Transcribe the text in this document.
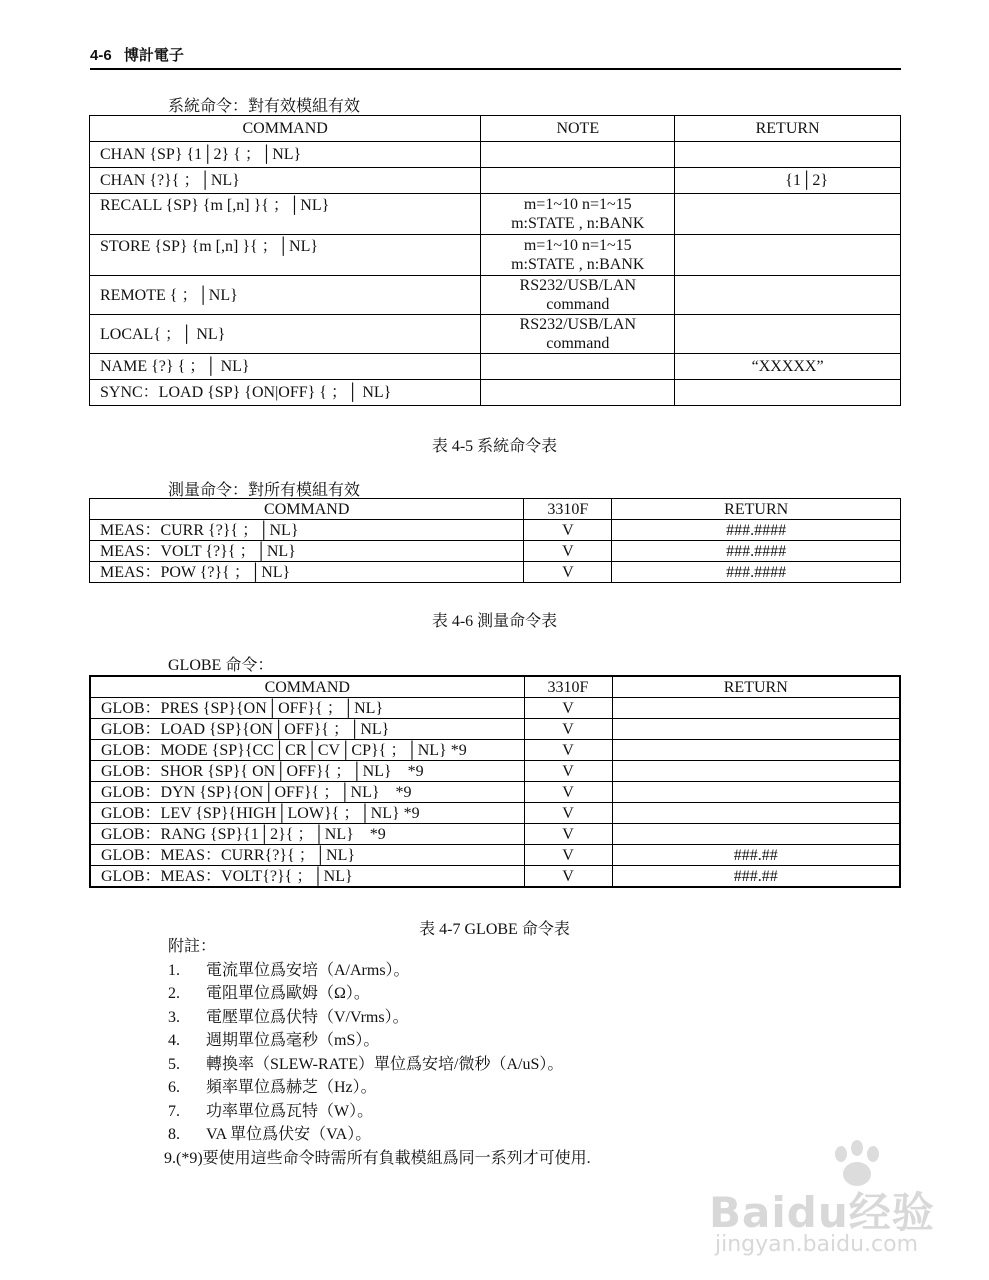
4-6 博計電子
系統命令：對有效模組有效
COMMAND	NOTE	RETURN
CHAN {SP} {1│2} { ；│NL}		
CHAN {?}{ ；│NL}		{1│2}
RECALL {SP} {m [,n] }{ ；│NL}	m=1~10 n=1~15
m:STATE , n:BANK	
STORE {SP} {m [,n] }{ ；│NL}	m=1~10 n=1~15
m:STATE , n:BANK	
REMOTE { ；│NL}	RS232/USB/LAN
command	
LOCAL{ ；│ NL}	RS232/USB/LAN
command	
NAME {?} { ；│ NL}		“XXXXX”
SYNC：LOAD {SP} {ON|OFF} { ；│ NL}		
表 4-5 系統命令表
測量命令：對所有模組有效
COMMAND	3310F	RETURN
MEAS：CURR {?}{ ；│NL}	V	###.####
MEAS：VOLT {?}{ ；│NL}	V	###.####
MEAS：POW {?}{ ；│NL}	V	###.####
表 4-6 測量命令表
GLOBE 命令：
COMMAND	3310F	RETURN
GLOB：PRES {SP}{ON│OFF}{ ；│NL}	V	
GLOB：LOAD {SP}{ON│OFF}{ ；│NL}	V	
GLOB：MODE {SP}{CC│CR│CV│CP}{ ；│NL} *9	V	
GLOB：SHOR {SP}{ ON│OFF}{ ；│NL}    *9	V	
GLOB：DYN {SP}{ON│OFF}{ ；│NL}    *9	V	
GLOB：LEV {SP}{HIGH│LOW}{ ；│NL} *9	V	
GLOB：RANG {SP}{1│2}{ ；│NL}    *9	V	
GLOB：MEAS：CURR{?}{ ；│NL}	V	###.##
GLOB：MEAS：VOLT{?}{ ；│NL}	V	###.##
表 4-7 GLOBE 命令表
附註：
1. 電流單位爲安培（A/Arms）。
2. 電阻單位爲歐姆（Ω）。
3. 電壓單位爲伏特（V/Vrms）。
4. 週期單位爲毫秒（mS）。
5. 轉換率（SLEW-RATE）單位爲安培/微秒（A/uS）。
6. 頻率單位爲赫芝（Hz）。
7. 功率單位爲瓦特（W）。
8. VA 單位爲伏安（VA）。
9.(*9)要使用這些命令時需所有負載模組爲同一系列才可使用.
Baidu经验
jingyan.baidu.com
